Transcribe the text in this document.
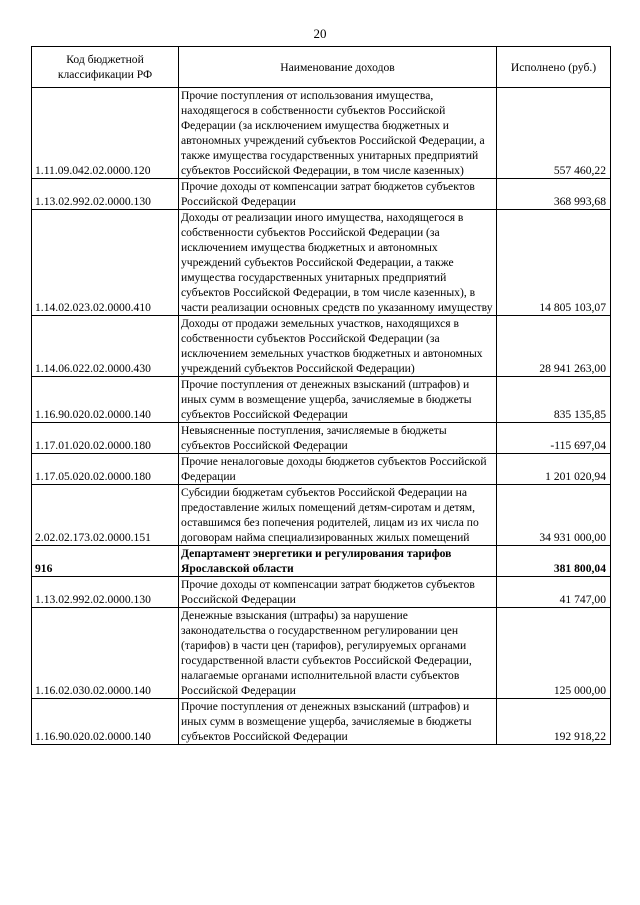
20
Код бюджетной классификации РФ	Наименование доходов	Исполнено (руб.)
1.11.09.042.02.0000.120	Прочие поступления от использования имущества, находящегося в собственности субъектов Российской Федерации (за исключением имущества бюджетных и автономных учреждений субъектов Российской Федерации, а также имущества государственных унитарных предприятий субъектов Российской Федерации, в том числе казенных)	557 460,22
1.13.02.992.02.0000.130	Прочие доходы от компенсации затрат бюджетов субъектов Российской Федерации	368 993,68
1.14.02.023.02.0000.410	Доходы от реализации иного имущества, находящегося в собственности субъектов Российской Федерации (за исключением имущества бюджетных и автономных учреждений субъектов Российской Федерации, а также имущества государственных унитарных предприятий субъектов Российской Федерации, в том числе казенных), в части реализации основных средств по указанному имуществу	14 805 103,07
1.14.06.022.02.0000.430	Доходы от продажи земельных участков, находящихся в собственности субъектов Российской Федерации (за исключением земельных участков бюджетных и автономных учреждений субъектов Российской Федерации)	28 941 263,00
1.16.90.020.02.0000.140	Прочие поступления от денежных взысканий (штрафов) и иных сумм в возмещение ущерба, зачисляемые в бюджеты субъектов Российской Федерации	835 135,85
1.17.01.020.02.0000.180	Невыясненные поступления, зачисляемые в бюджеты субъектов Российской Федерации	-115 697,04
1.17.05.020.02.0000.180	Прочие неналоговые доходы бюджетов субъектов Российской Федерации	1 201 020,94
2.02.02.173.02.0000.151	Субсидии бюджетам субъектов Российской Федерации на предоставление жилых помещений детям-сиротам и детям, оставшимся без попечения родителей, лицам из их числа по договорам найма специализированных жилых помещений	34 931 000,00
916	Департамент энергетики и регулирования тарифов Ярославской области	381 800,04
1.13.02.992.02.0000.130	Прочие доходы от компенсации затрат бюджетов субъектов Российской Федерации	41 747,00
1.16.02.030.02.0000.140	Денежные взыскания (штрафы) за нарушение законодательства о государственном регулировании цен (тарифов) в части цен (тарифов), регулируемых органами государственной власти субъектов Российской Федерации, налагаемые органами исполнительной власти субъектов Российской Федерации	125 000,00
1.16.90.020.02.0000.140	Прочие поступления от денежных взысканий (штрафов) и иных сумм в возмещение ущерба, зачисляемые в бюджеты субъектов Российской Федерации	192 918,22
